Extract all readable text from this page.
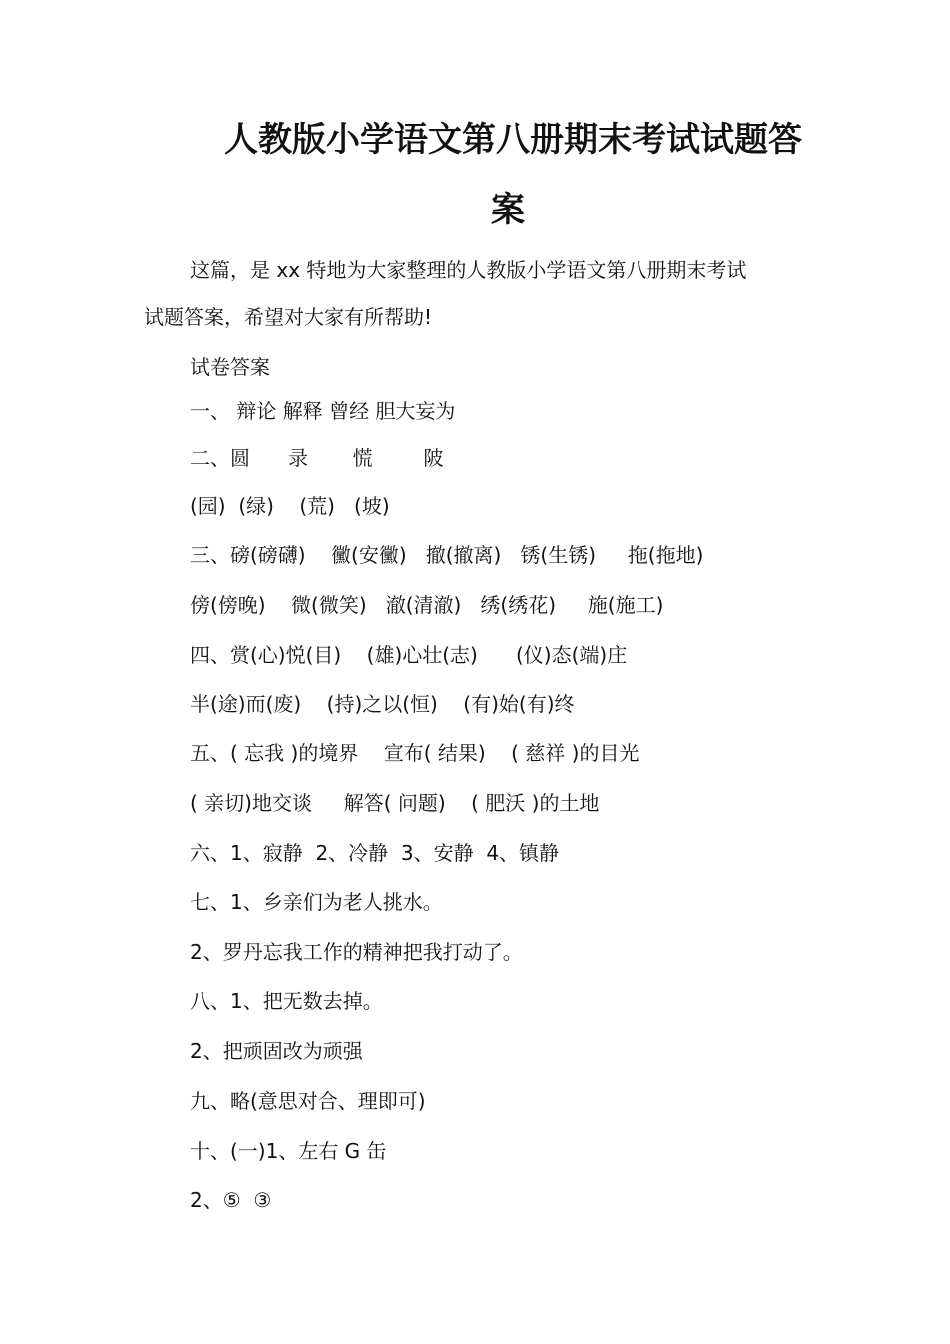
人教版小学语文第八册期末考试试题答
案
这篇，是 xx 特地为大家整理的人教版小学语文第八册期末考试
试题答案，希望对大家有所帮助!
试卷答案
一、 辩论 解释 曾经 胆大妄为
二、圆      录       慌        陂
(园)  (绿)    (荒)   (坡)
三、磅(磅礴)    黴(安黴)   撤(撤离)   锈(生锈)     拖(拖地)
傍(傍晚)    微(微笑)   澈(清澈)   绣(绣花)     施(施工)
四、赏(心)悦(目)    (雄)心壮(志)      (仪)态(端)庄
半(途)而(废)    (持)之以(恒)    (有)始(有)终
五、( 忘我 )的境界    宣布( 结果)    ( 慈祥 )的目光
( 亲切)地交谈     解答( 问题)    ( 肥沃 )的土地
六、1、寂静  2、冷静  3、安静  4、镇静
七、1、乡亲们为老人挑水。
2、罗丹忘我工作的精神把我打动了。
八、1、把无数去掉。
2、把顽固改为顽强
九、略(意思对合、理即可)
十、(一)1、左右 G 缶
2、⑤  ③
